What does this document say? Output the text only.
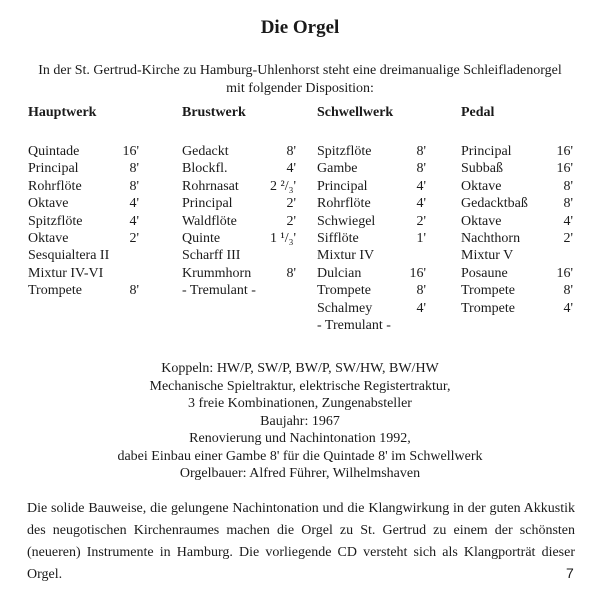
Die Orgel
In der St. Gertrud-Kirche zu Hamburg-Uhlenhorst steht eine dreimanualige Schleifladenorgel
mit folgender Disposition:
Hauptwerk
Quintade	16'
Principal	8'
Rohrflöte	8'
Oktave	4'
Spitzflöte	4'
Oktave	2'
Sesquialtera II
Mixtur IV-VI
Trompete	8'
Brustwerk
Gedackt	8'
Blockfl.	4'
Rohrnasat 2 ²/₃'
Principal	2'
Waldflöte	2'
Quinte	1 ¹/₃'
Scharff III
Krummhorn	8'
- Tremulant -
Schwellwerk
Spitzflöte	8'
Gambe	8'
Principal	4'
Rohrflöte	4'
Schwiegel	2'
Sifflöte	1'
Mixtur IV
Dulcian	16'
Trompete	8'
Schalmey	4'
- Tremulant -
Pedal
Principal	16'
Subbaß	16'
Oktave	8'
Gedacktbaß	8'
Oktave	4'
Nachthorn	2'
Mixtur V
Posaune	16'
Trompete	8'
Trompete	4'
Koppeln: HW/P, SW/P, BW/P, SW/HW, BW/HW
Mechanische Spieltraktur, elektrische Registertraktur,
3 freie Kombinationen, Zungenabsteller
Baujahr: 1967
Renovierung und Nachintonation 1992,
dabei Einbau einer Gambe 8' für die Quintade 8' im Schwellwerk
Orgelbauer: Alfred Führer, Wilhelmshaven
Die solide Bauweise, die gelungene Nachintonation und die Klangwirkung in der guten Akkustik
des neugotischen Kirchenraumes machen die Orgel zu St. Gertrud zu einem der schönsten
(neueren) Instrumente in Hamburg. Die vorliegende CD versteht sich als Klangporträt dieser Orgel.	7
